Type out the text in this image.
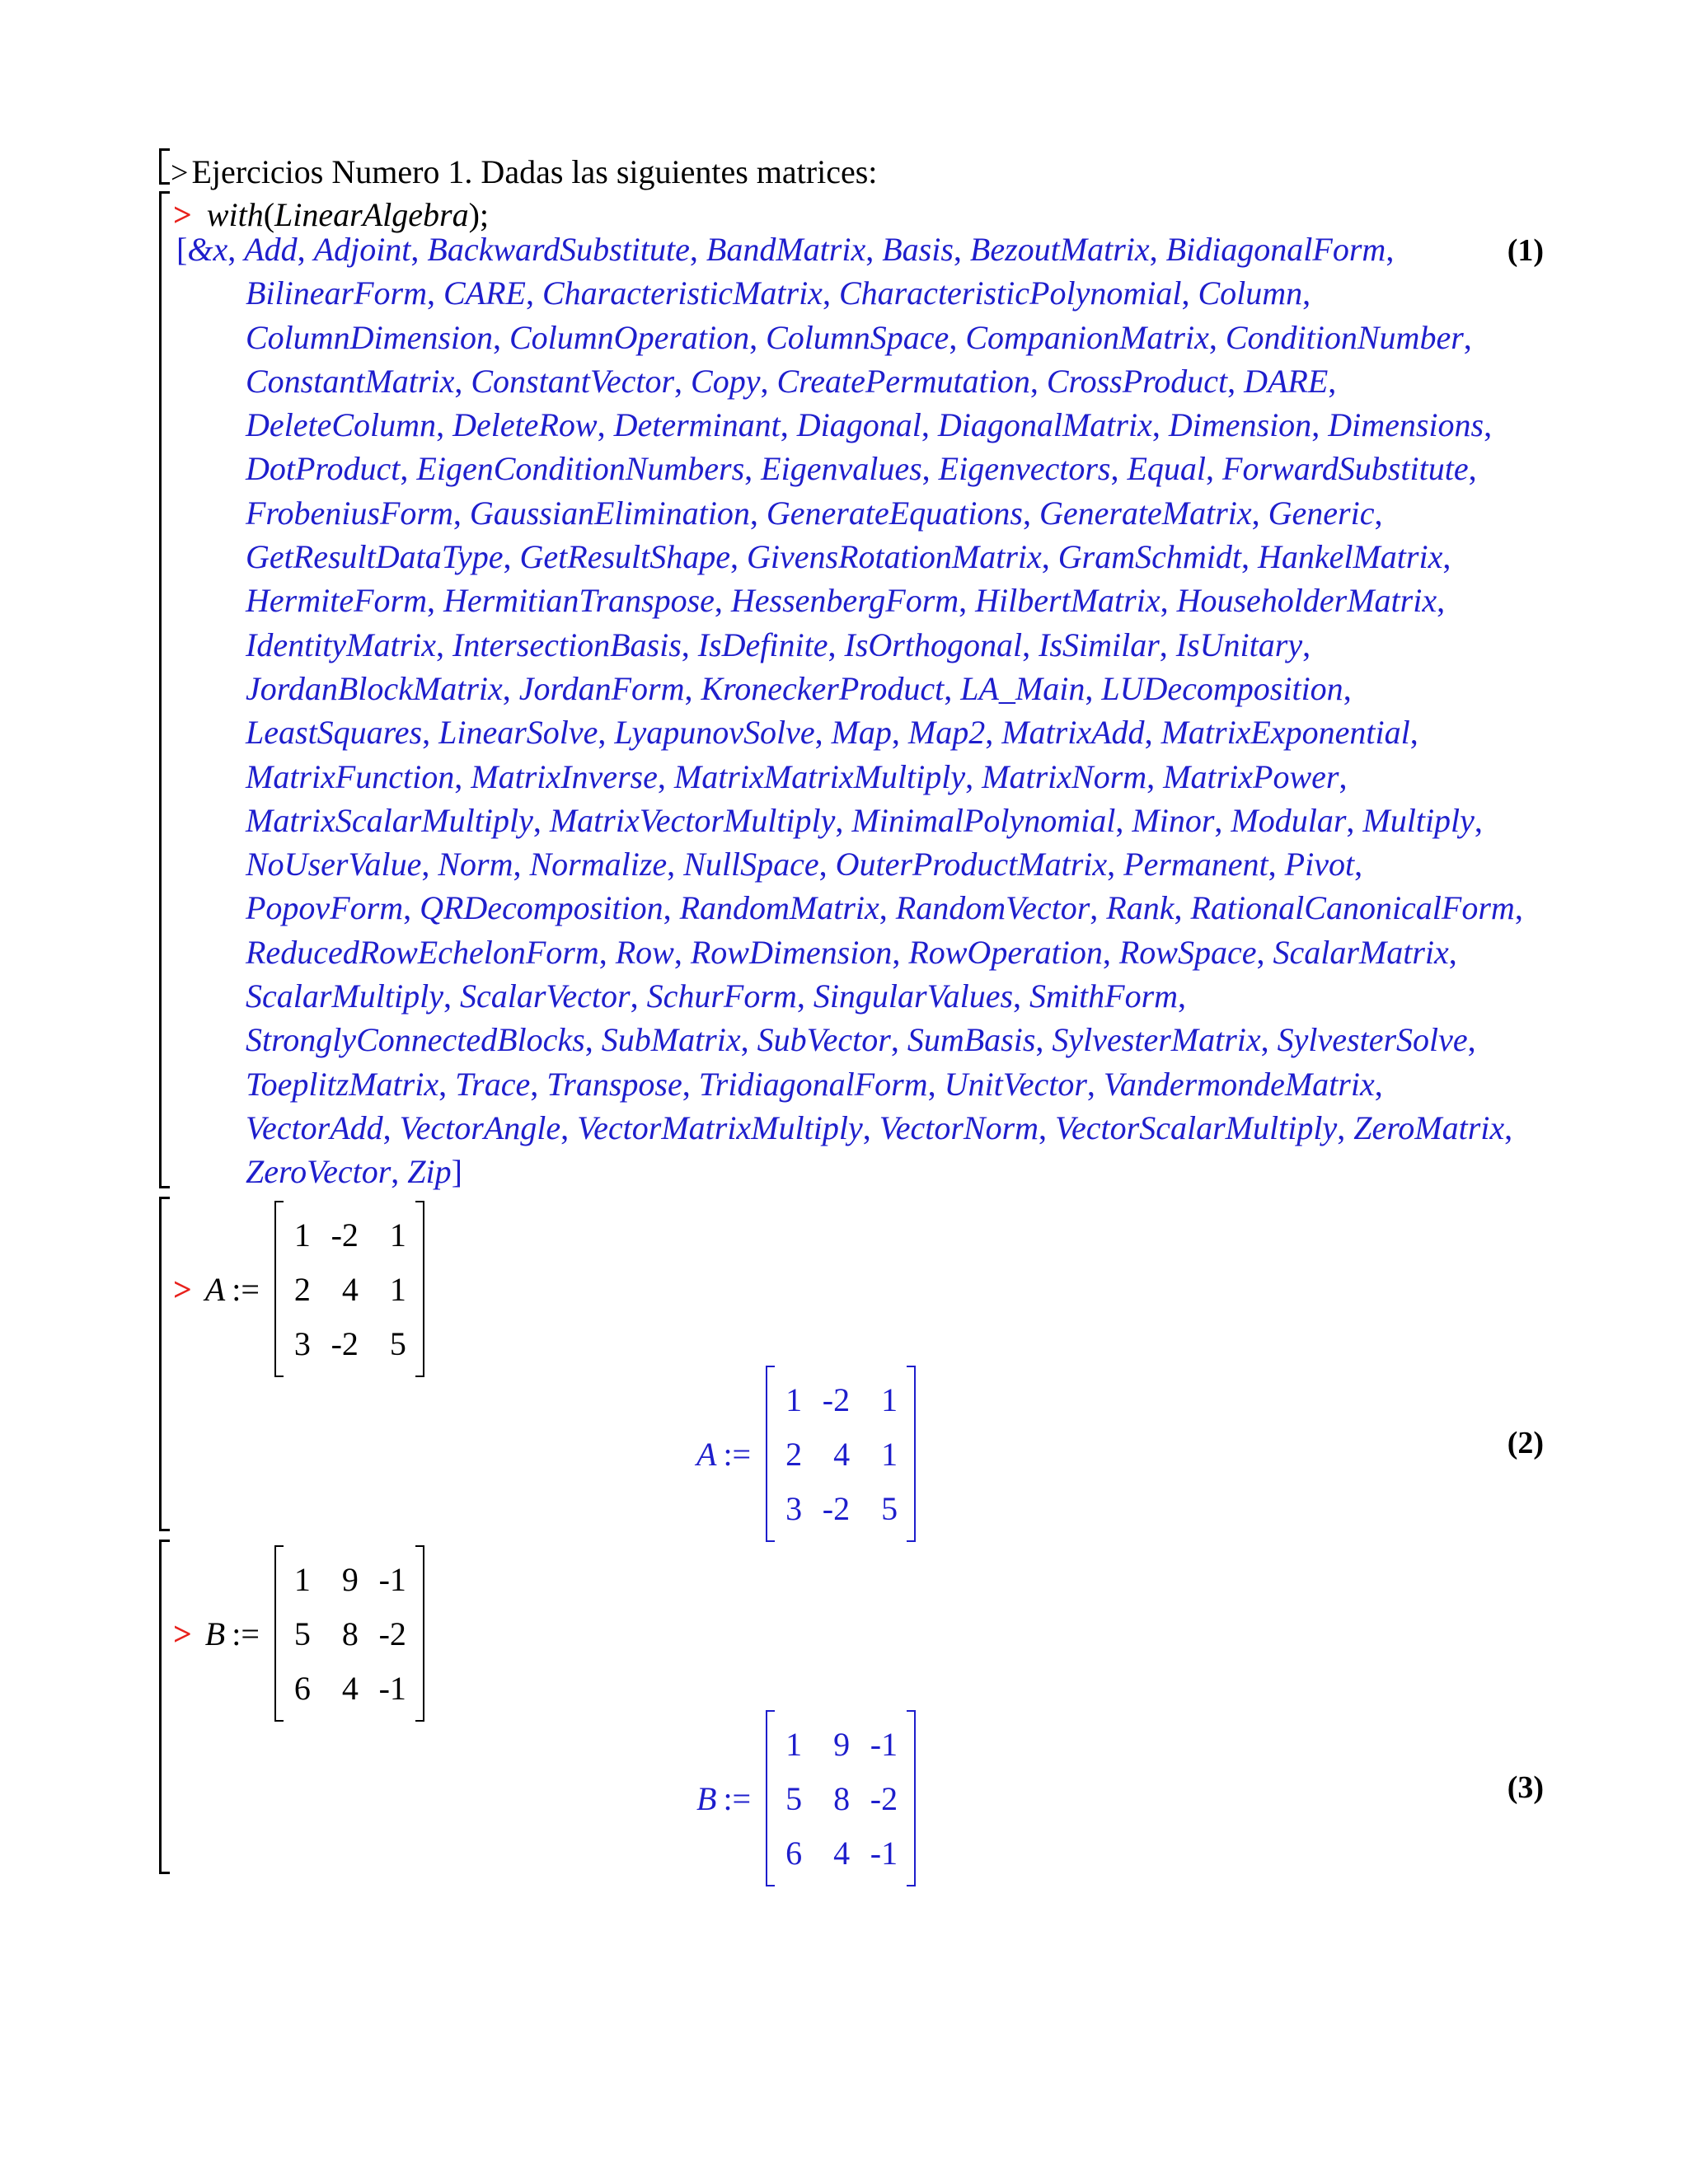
> Ejercicios Numero 1. Dadas las siguientes matrices:
> with(LinearAlgebra);
[&x, Add, Adjoint, BackwardSubstitute, BandMatrix, Basis, BezoutMatrix, BidiagonalForm, BilinearForm, CARE, CharacteristicMatrix, CharacteristicPolynomial, Column, ColumnDimension, ColumnOperation, ColumnSpace, CompanionMatrix, ConditionNumber, ConstantMatrix, ConstantVector, Copy, CreatePermutation, CrossProduct, DARE, DeleteColumn, DeleteRow, Determinant, Diagonal, DiagonalMatrix, Dimension, Dimensions, DotProduct, EigenConditionNumbers, Eigenvalues, Eigenvectors, Equal, ForwardSubstitute, FrobeniusForm, GaussianElimination, GenerateEquations, GenerateMatrix, Generic, GetResultDataType, GetResultShape, GivensRotationMatrix, GramSchmidt, HankelMatrix, HermiteForm, HermitianTranspose, HessenbergForm, HilbertMatrix, HouseholderMatrix, IdentityMatrix, IntersectionBasis, IsDefinite, IsOrthogonal, IsSimilar, IsUnitary, JordanBlockMatrix, JordanForm, KroneckerProduct, LA_Main, LUDecomposition, LeastSquares, LinearSolve, LyapunovSolve, Map, Map2, MatrixAdd, MatrixExponential, MatrixFunction, MatrixInverse, MatrixMatrixMultiply, MatrixNorm, MatrixPower, MatrixScalarMultiply, MatrixVectorMultiply, MinimalPolynomial, Minor, Modular, Multiply, NoUserValue, Norm, Normalize, NullSpace, OuterProductMatrix, Permanent, Pivot, PopovForm, QRDecomposition, RandomMatrix, RandomVector, Rank, RationalCanonicalForm, ReducedRowEchelonForm, Row, RowDimension, RowOperation, RowSpace, ScalarMatrix, ScalarMultiply, ScalarVector, SchurForm, SingularValues, SmithForm, StronglyConnectedBlocks, SubMatrix, SubVector, SumBasis, SylvesterMatrix, SylvesterSolve, ToeplitzMatrix, Trace, Transpose, TridiagonalForm, UnitVector, VandermondeMatrix, VectorAdd, VectorAngle, VectorMatrixMultiply, VectorNorm, VectorScalarMultiply, ZeroMatrix, ZeroVector, Zip]
(1)
> A :=
1 -2 1
2 4 1
3 -2 5
A :=
1 -2 1
2 4 1
3 -2 5
(2)
> B :=
1 9 -1
5 8 -2
6 4 -1
B :=
1 9 -1
5 8 -2
6 4 -1
(3)
